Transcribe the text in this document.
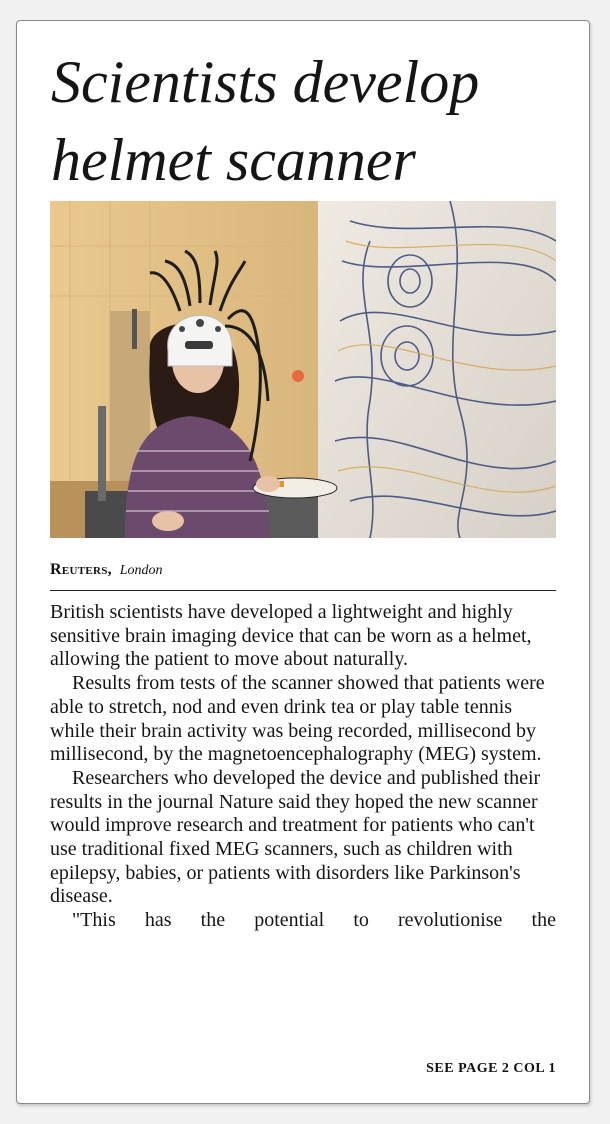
Scientists develop helmet scanner
Reuters, London

British scientists have developed a lightweight and highly sensitive brain imaging device that can be worn as a helmet, allowing the patient to move about naturally.

Results from tests of the scanner showed that patients were able to stretch, nod and even drink tea or play table tennis while their brain activity was being recorded, millisecond by millisecond, by the magnetoencephalography (MEG) system.

Researchers who developed the device and published their results in the journal Nature said they hoped the new scanner would improve research and treatment for patients who can't use traditional fixed MEG scanners, such as children with epilepsy, babies, or patients with disorders like Parkinson's disease.

"This has the potential to revolutionise the

SEE PAGE 2 COL 1
